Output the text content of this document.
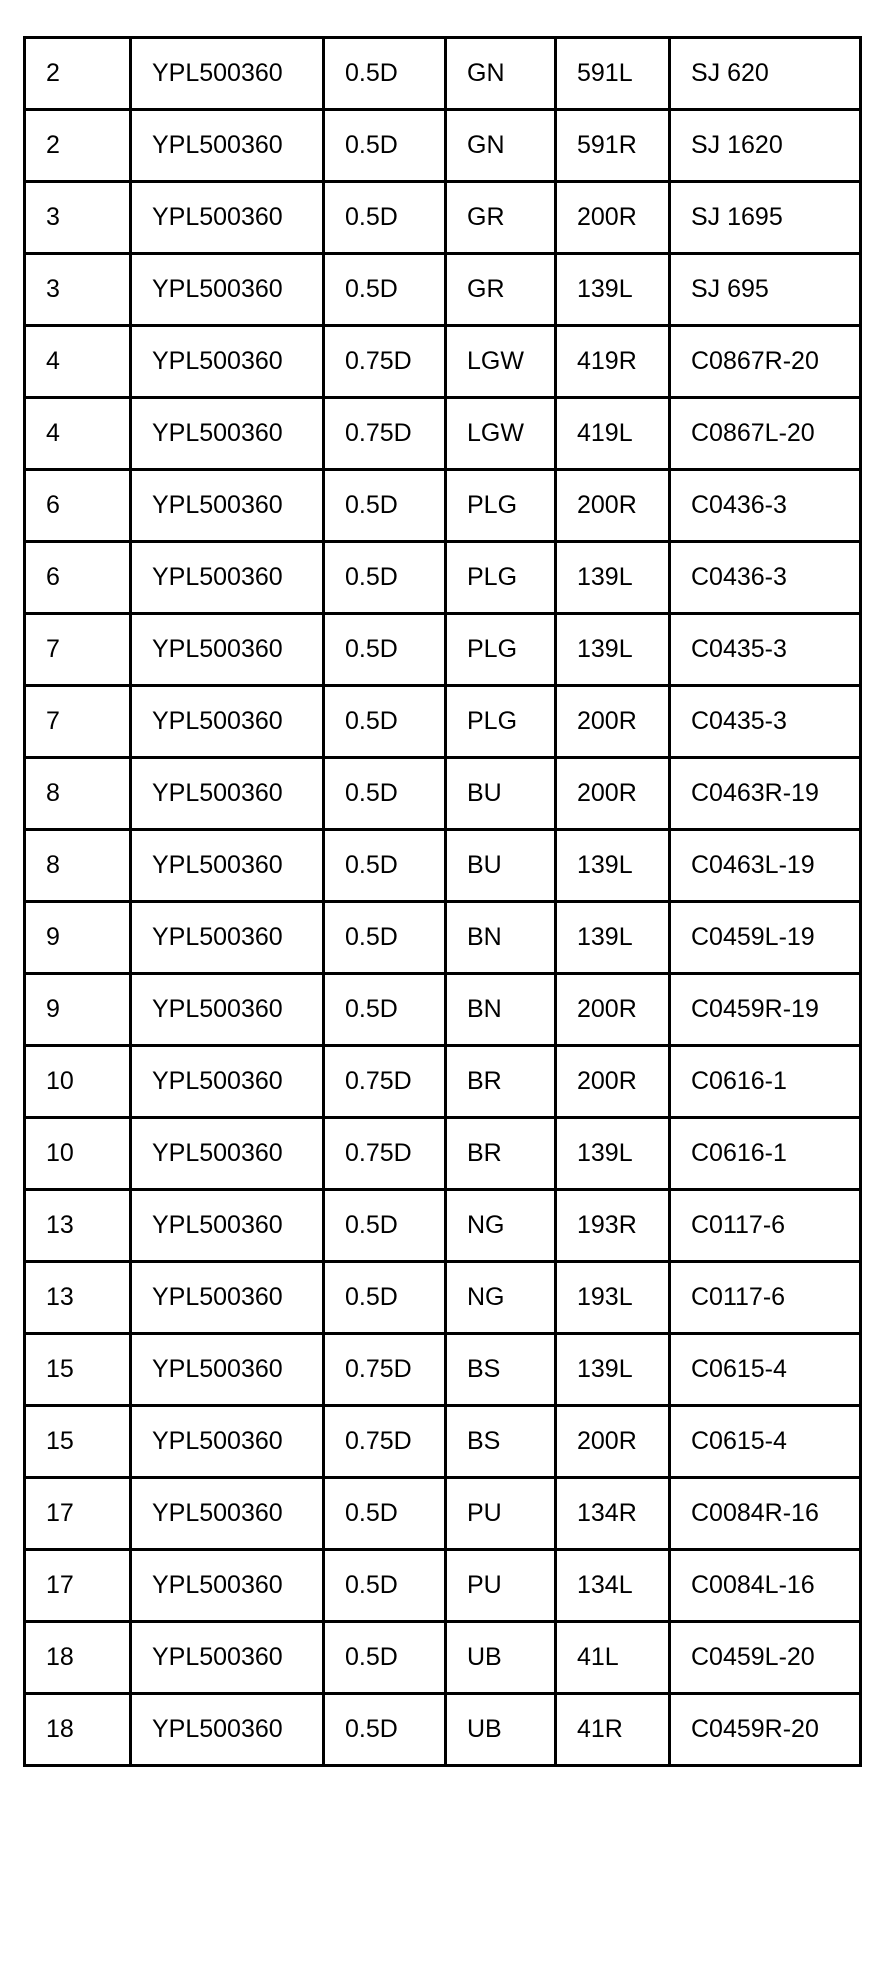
2	YPL500360	0.5D	GN	591L	SJ 620
2	YPL500360	0.5D	GN	591R	SJ 1620
3	YPL500360	0.5D	GR	200R	SJ 1695
3	YPL500360	0.5D	GR	139L	SJ 695
4	YPL500360	0.75D	LGW	419R	C0867R-20
4	YPL500360	0.75D	LGW	419L	C0867L-20
6	YPL500360	0.5D	PLG	200R	C0436-3
6	YPL500360	0.5D	PLG	139L	C0436-3
7	YPL500360	0.5D	PLG	139L	C0435-3
7	YPL500360	0.5D	PLG	200R	C0435-3
8	YPL500360	0.5D	BU	200R	C0463R-19
8	YPL500360	0.5D	BU	139L	C0463L-19
9	YPL500360	0.5D	BN	139L	C0459L-19
9	YPL500360	0.5D	BN	200R	C0459R-19
10	YPL500360	0.75D	BR	200R	C0616-1
10	YPL500360	0.75D	BR	139L	C0616-1
13	YPL500360	0.5D	NG	193R	C0117-6
13	YPL500360	0.5D	NG	193L	C0117-6
15	YPL500360	0.75D	BS	139L	C0615-4
15	YPL500360	0.75D	BS	200R	C0615-4
17	YPL500360	0.5D	PU	134R	C0084R-16
17	YPL500360	0.5D	PU	134L	C0084L-16
18	YPL500360	0.5D	UB	41L	C0459L-20
18	YPL500360	0.5D	UB	41R	C0459R-20
